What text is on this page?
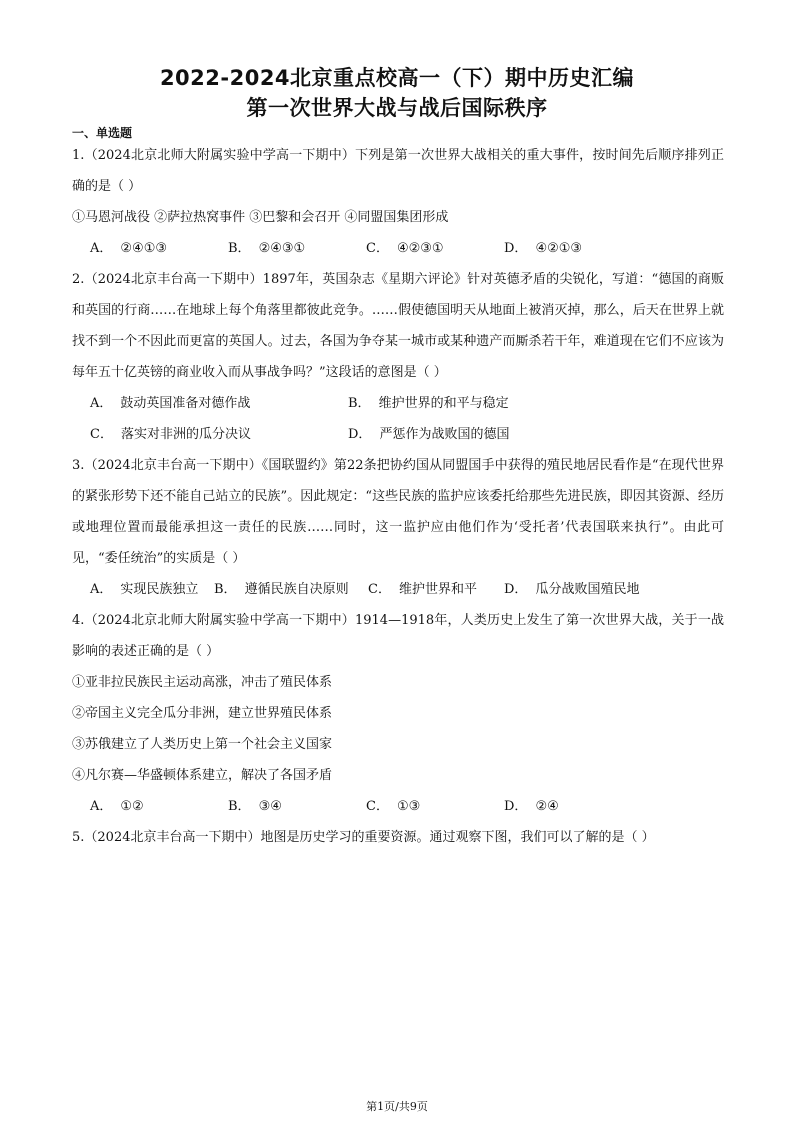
2022-2024北京重点校高一（下）期中历史汇编
第一次世界大战与战后国际秩序
一、单选题

1.（2024北京北师大附属实验中学高一下期中）下列是第一次世界大战相关的重大事件，按时间先后顺序排列正确的是（ ）

①马恩河战役 ②萨拉热窝事件 ③巴黎和会召开 ④同盟国集团形成
A． ②④①③	B． ②④③①	C． ④②③①	D． ④②①③

2.（2024北京丰台高一下期中）1897年，英国杂志《星期六评论》针对英德矛盾的尖锐化，写道：“德国的商贩和英国的行商……在地球上每个角落里都彼此竞争。……假使德国明天从地面上被消灭掉，那么，后天在世界上就找不到一个不因此而更富的英国人。过去，各国为争夺某一城市或某种遗产而厮杀若干年，难道现在它们不应该为每年五十亿英镑的商业收入而从事战争吗？”这段话的意图是（ ）

A． 鼓动英国准备对德作战	B． 维护世界的和平与稳定
C． 落实对非洲的瓜分决议	D． 严惩作为战败国的德国

3.（2024北京丰台高一下期中）《国联盟约》第22条把协约国从同盟国手中获得的殖民地居民看作是“在现代世界的紧张形势下还不能自己站立的民族”。因此规定：“这些民族的监护应该委托给那些先进民族，即因其资源、经历或地理位置而最能承担这一责任的民族……同时，这一监护应由他们作为‘受托者’代表国联来执行”。由此可见，“委任统治”的实质是（ ）

A． 实现民族独立	B． 遵循民族自决原则	C． 维护世界和平	D． 瓜分战败国殖民地

4.（2024北京北师大附属实验中学高一下期中）1914—1918年，人类历史上发生了第一次世界大战，关于一战影响的表述正确的是（ ）

①亚非拉民族民主运动高涨，冲击了殖民体系
②帝国主义完全瓜分非洲，建立世界殖民体系
③苏俄建立了人类历史上第一个社会主义国家
④凡尔赛—华盛顿体系建立，解决了各国矛盾
A． ①②	B． ③④	C． ①③	D． ②④

5.（2024北京丰台高一下期中）地图是历史学习的重要资源。通过观察下图，我们可以了解的是（ ）

第1页/共9页
